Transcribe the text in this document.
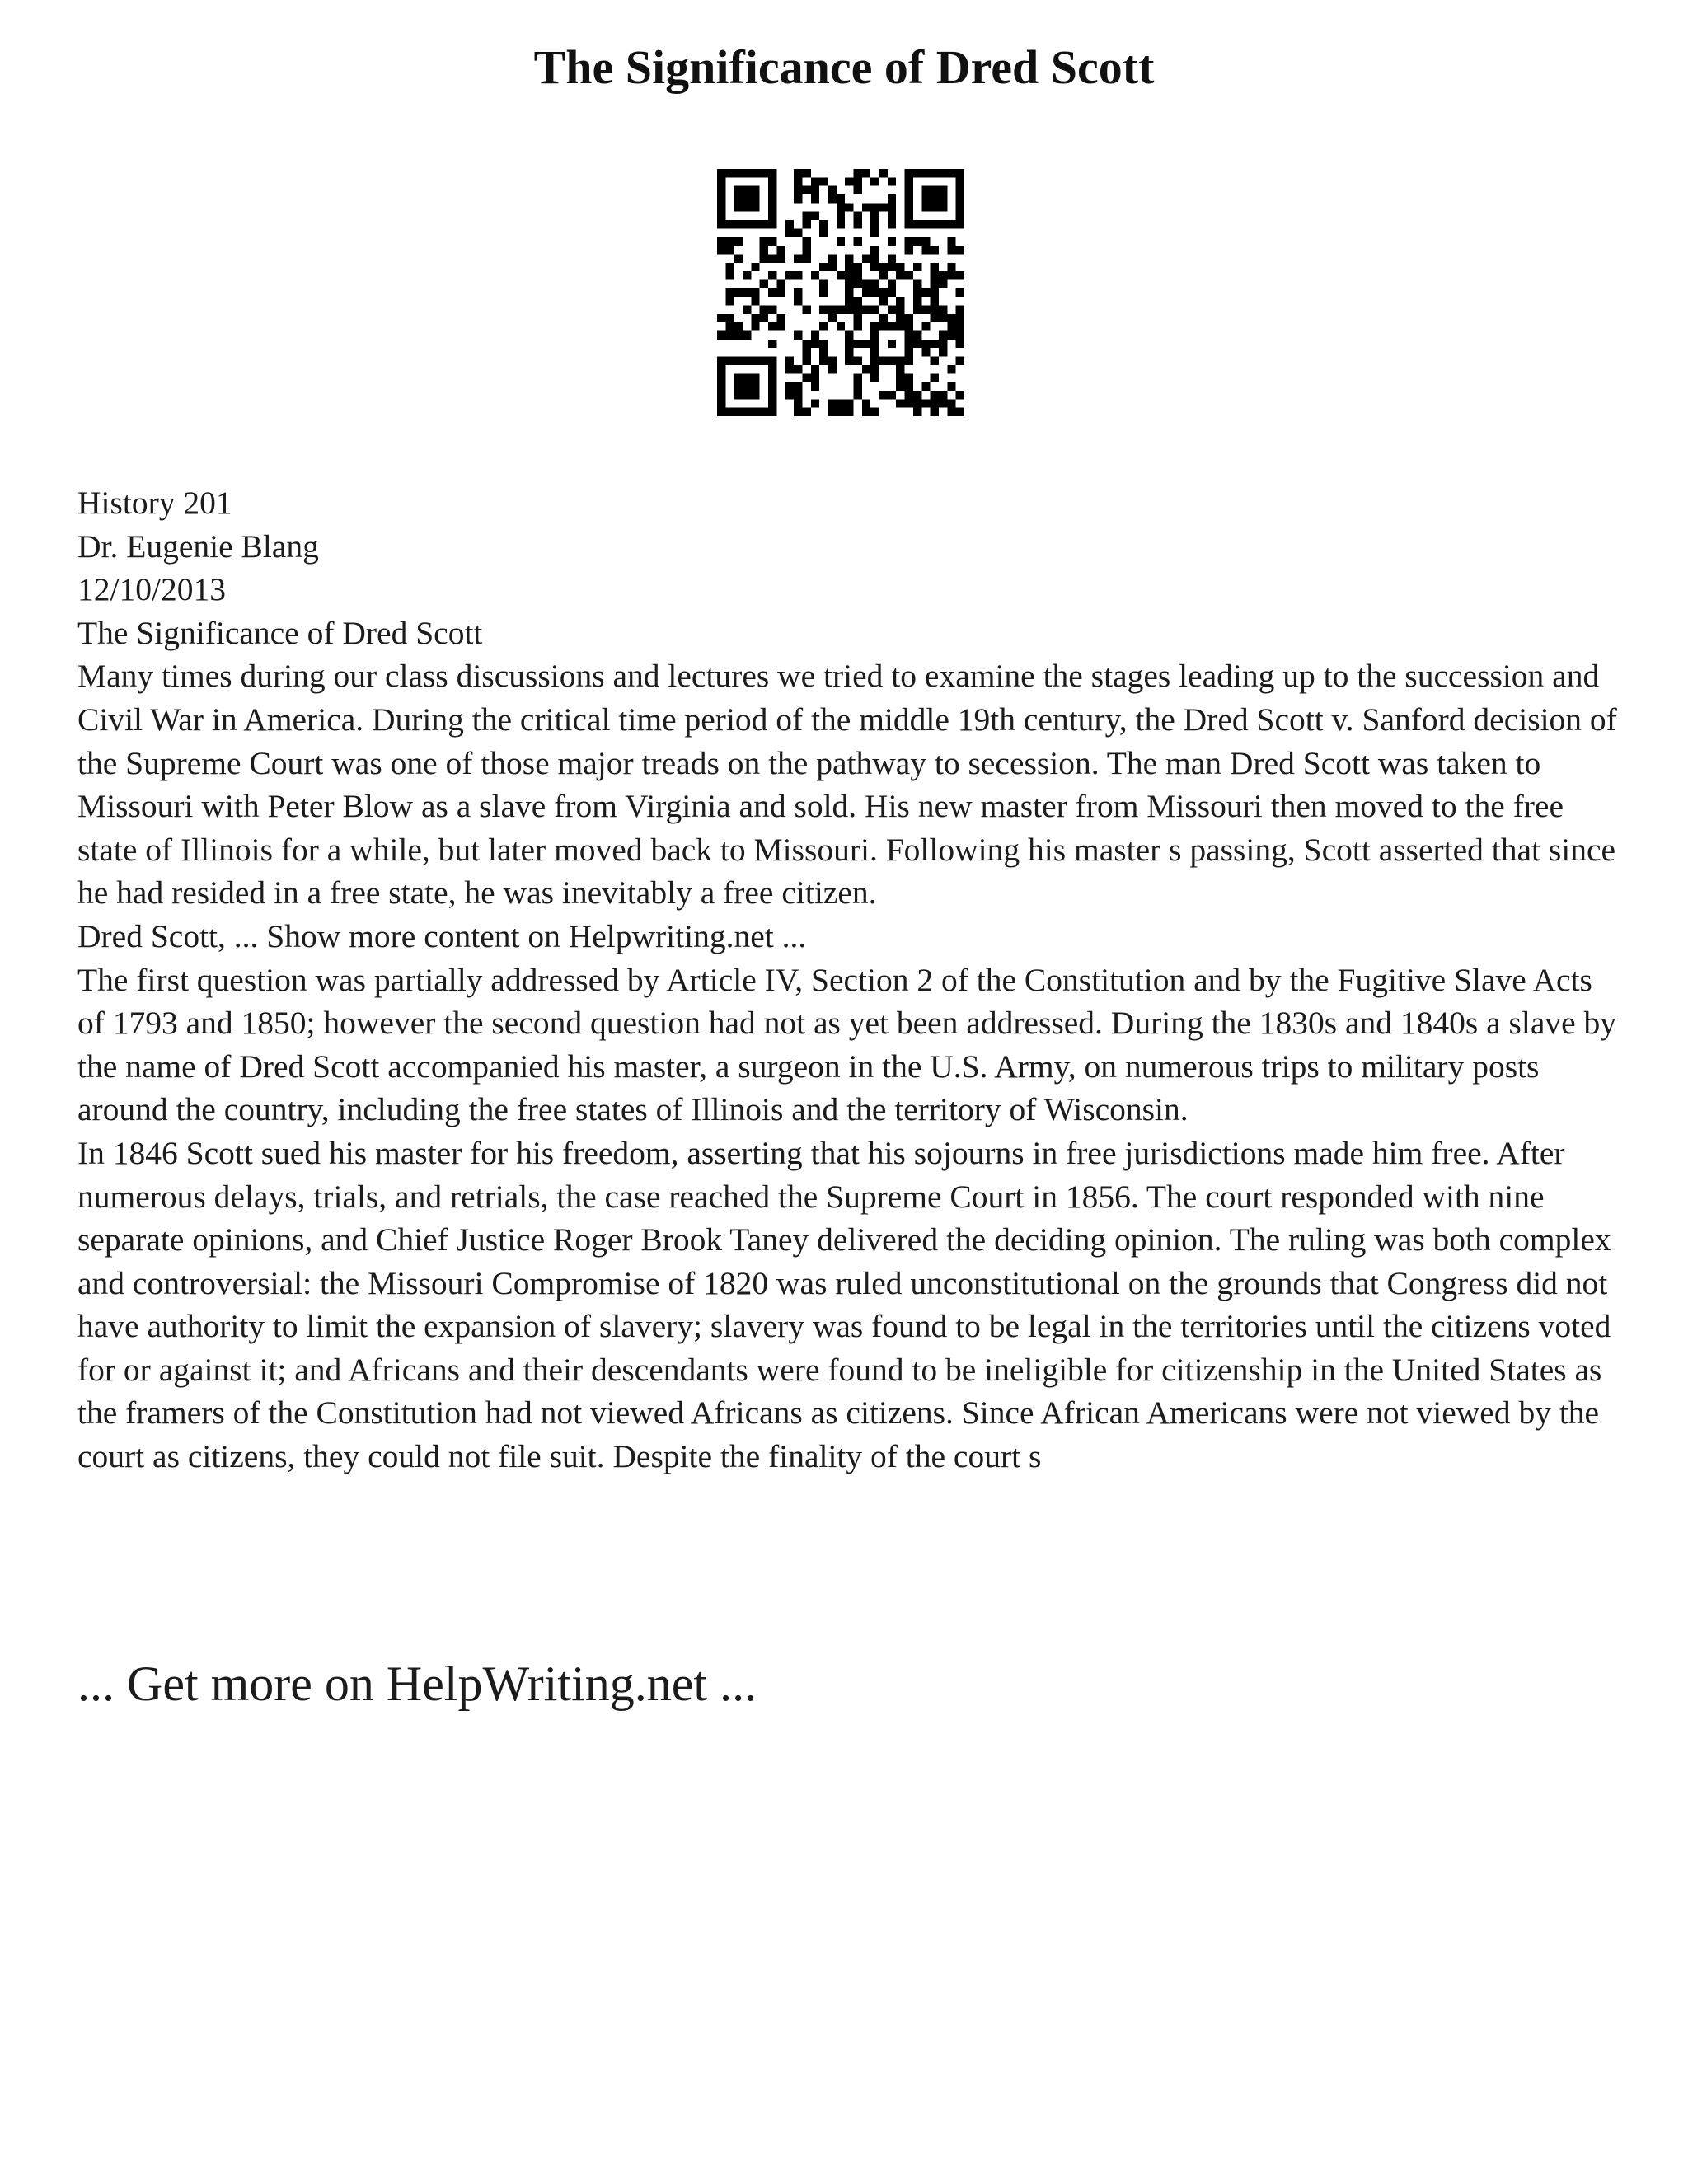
The Significance of Dred Scott

History 201

Dr. Eugenie Blang

12/10/2013

The Significance of Dred Scott

Many times during our class discussions and lectures we tried to examine the stages leading up to the succession and Civil War in America. During the critical time period of the middle 19th century, the Dred Scott v. Sanford decision of the Supreme Court was one of those major treads on the pathway to secession. The man Dred Scott was taken to Missouri with Peter Blow as a slave from Virginia and sold. His new master from Missouri then moved to the free state of Illinois for a while, but later moved back to Missouri. Following his master s passing, Scott asserted that since he had resided in a free state, he was inevitably a free citizen.

Dred Scott, ... Show more content on Helpwriting.net ...

The first question was partially addressed by Article IV, Section 2 of the Constitution and by the Fugitive Slave Acts of 1793 and 1850; however the second question had not as yet been addressed. During the 1830s and 1840s a slave by the name of Dred Scott accompanied his master, a surgeon in the U.S. Army, on numerous trips to military posts around the country, including the free states of Illinois and the territory of Wisconsin.

In 1846 Scott sued his master for his freedom, asserting that his sojourns in free jurisdictions made him free. After numerous delays, trials, and retrials, the case reached the Supreme Court in 1856. The court responded with nine separate opinions, and Chief Justice Roger Brook Taney delivered the deciding opinion. The ruling was both complex and controversial: the Missouri Compromise of 1820 was ruled unconstitutional on the grounds that Congress did not have authority to limit the expansion of slavery; slavery was found to be legal in the territories until the citizens voted for or against it; and Africans and their descendants were found to be ineligible for citizenship in the United States as the framers of the Constitution had not viewed Africans as citizens. Since African Americans were not viewed by the court as citizens, they could not file suit. Despite the finality of the court s

... Get more on HelpWriting.net ...
